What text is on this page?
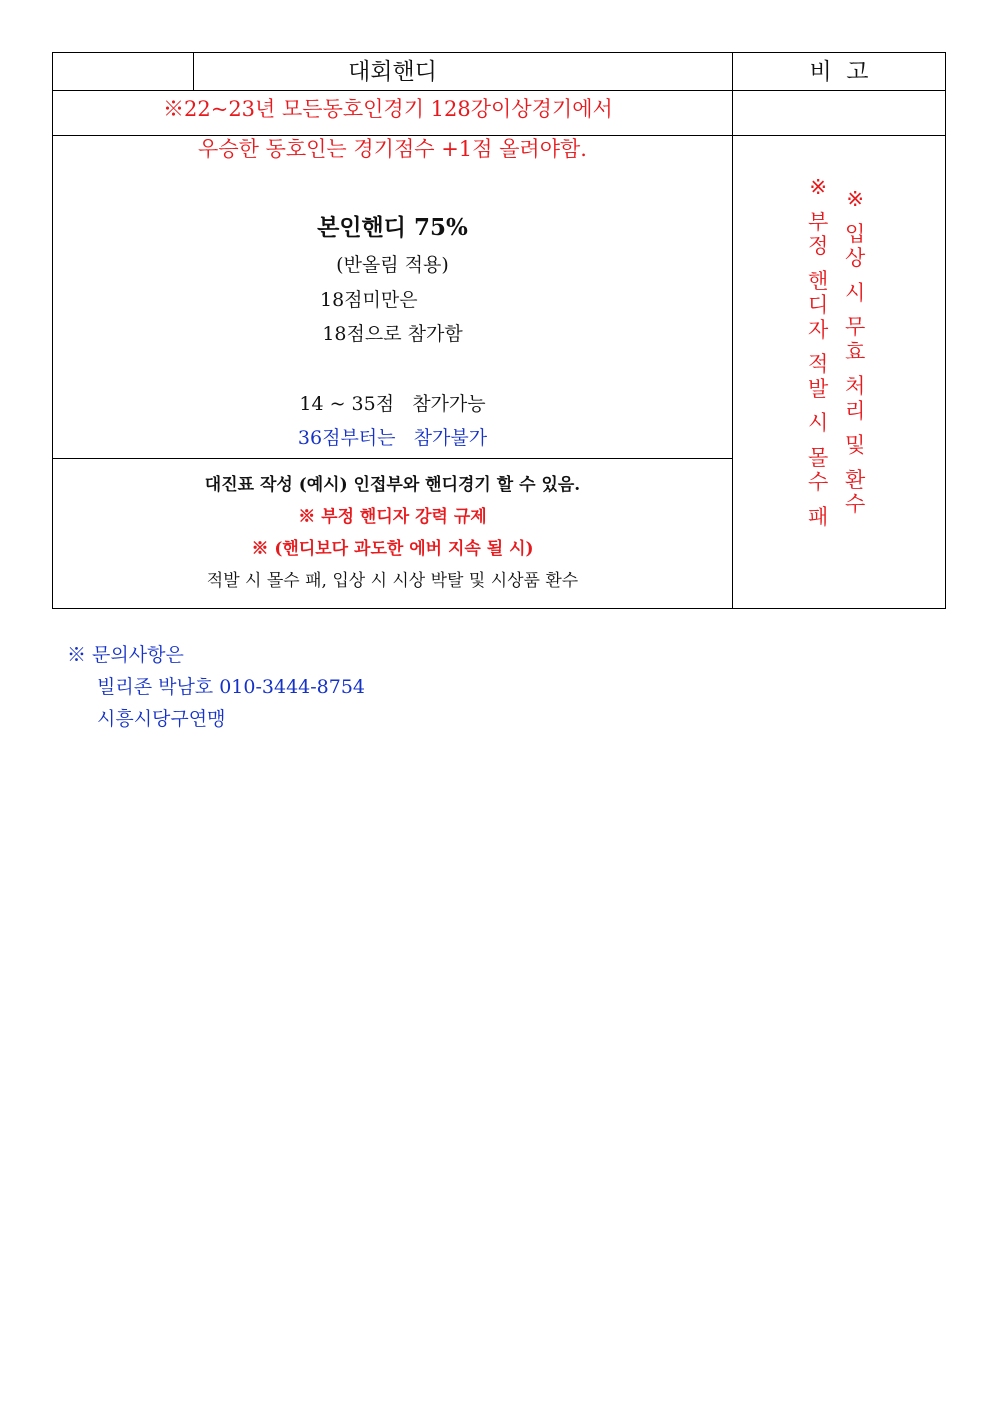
대회핸디	비  고
※22~23년 모든동호인경기 128강이상경기에서
우승한 동호인는 경기점수 +1점 올려야함.
본인핸디 75%
(반올림 적용)
18점미만은
18점으로 참가함
14 ~ 35점   참가가능
36점부터는   참가불가
대진표 작성 (예시) 인접부와 핸디경기 할 수 있음.
※ 부정 핸디자 강력 규제
※ (핸디보다 과도한 에버 지속 될 시)
적발 시 몰수 패, 입상 시 시상 박탈 및 시상품 환수
※
부
정
핸
디
자
적
발
시
몰
수
패
※
입
상
시
무
효
처
리
및
환
수
※ 문의사항은
빌리존 박남호 010-3444-8754
시흥시당구연맹
